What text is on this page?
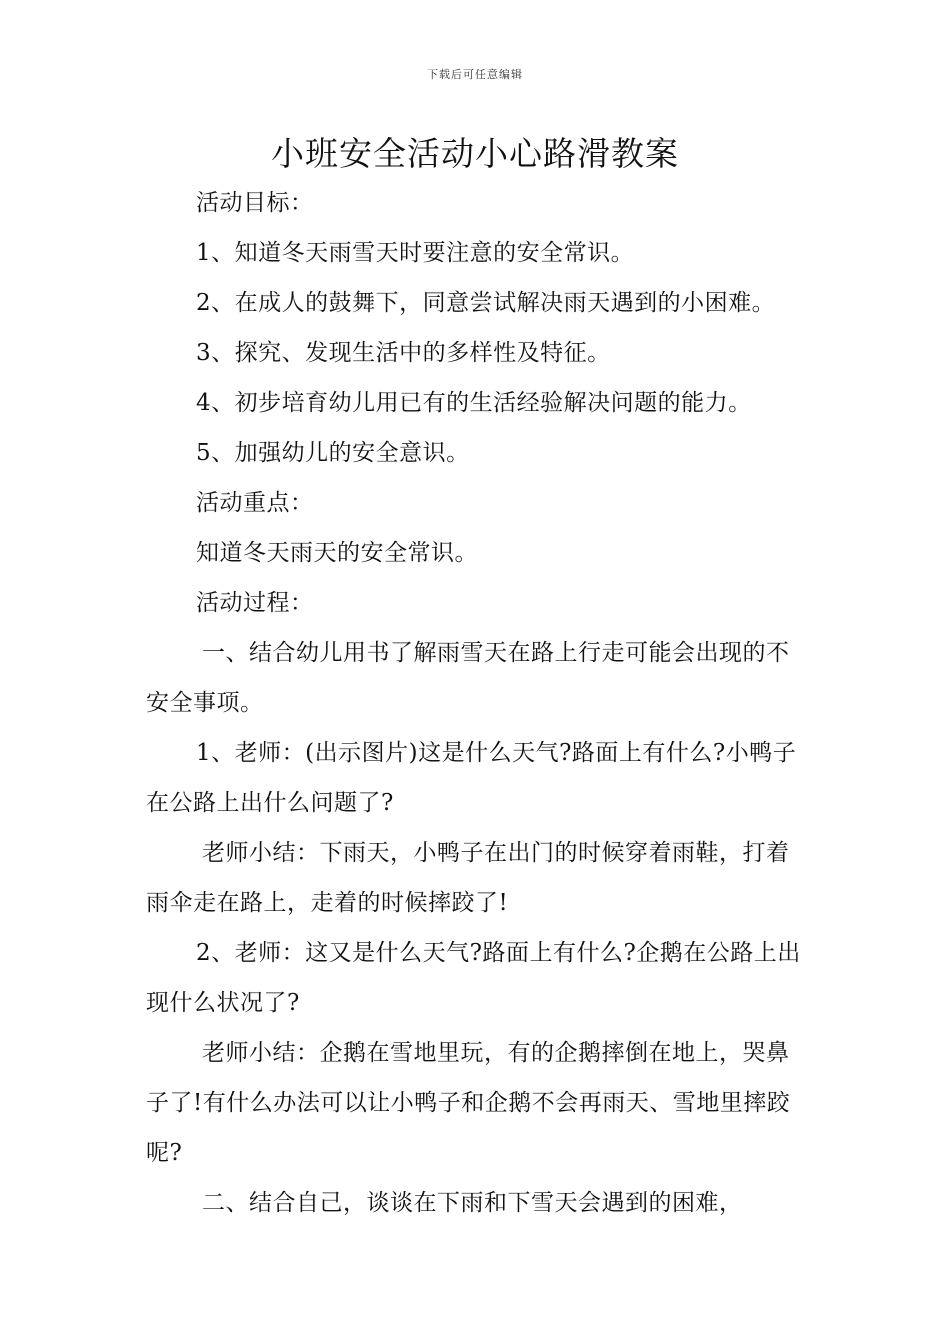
下载后可任意编辑
小班安全活动小心路滑教案

活动目标：

1、知道冬天雨雪天时要注意的安全常识。

2、在成人的鼓舞下，同意尝试解决雨天遇到的小困难。

3、探究、发现生活中的多样性及特征。

4、初步培育幼儿用已有的生活经验解决问题的能力。

5、加强幼儿的安全意识。

活动重点：

知道冬天雨天的安全常识。

活动过程：

一、结合幼儿用书了解雨雪天在路上行走可能会出现的不安全事项。

1、老师：(出示图片)这是什么天气?路面上有什么?小鸭子在公路上出什么问题了?

老师小结：下雨天，小鸭子在出门的时候穿着雨鞋，打着雨伞走在路上，走着的时候摔跤了!

2、老师：这又是什么天气?路面上有什么?企鹅在公路上出现什么状况了?

老师小结：企鹅在雪地里玩，有的企鹅摔倒在地上，哭鼻子了!有什么办法可以让小鸭子和企鹅不会再雨天、雪地里摔跤呢?

二、结合自己，谈谈在下雨和下雪天会遇到的困难，
